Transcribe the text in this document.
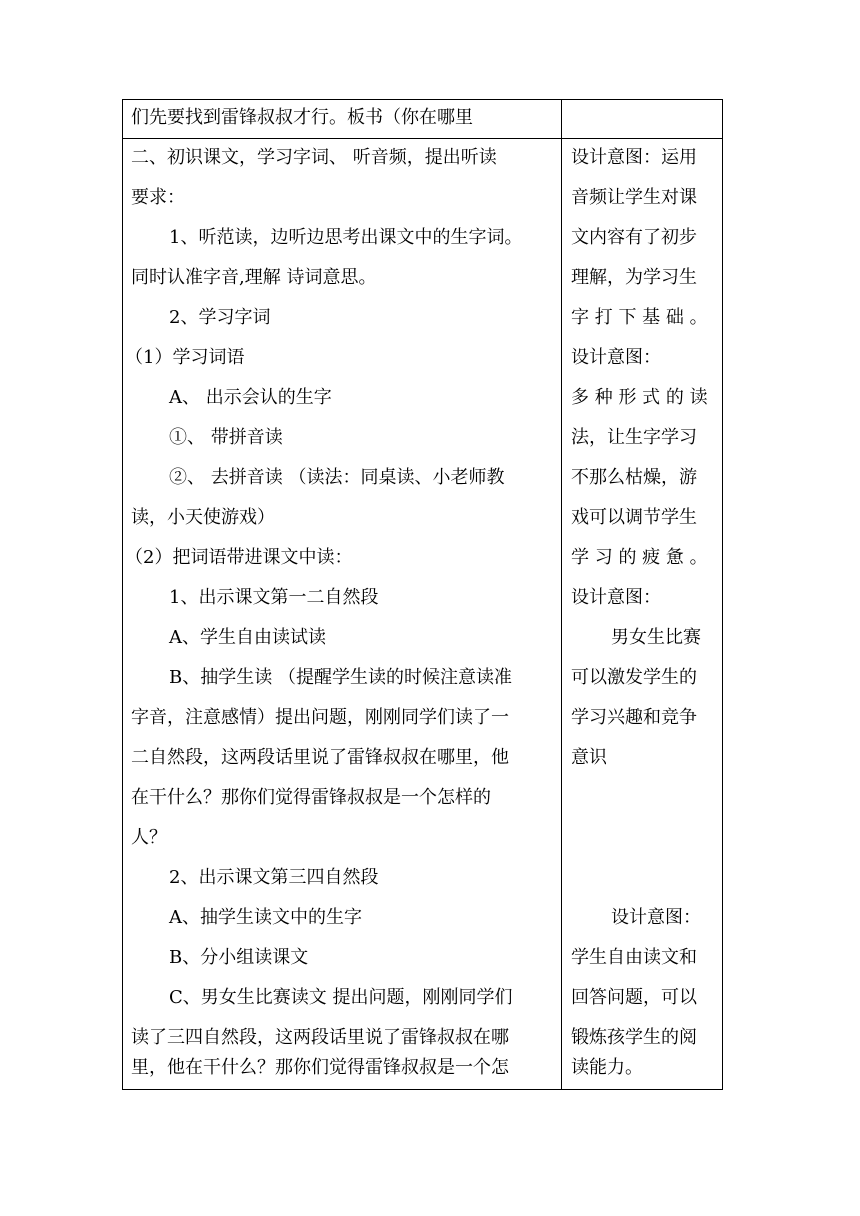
们先要找到雷锋叔叔才行。板书（你在哪里
二、初识课文，学习字词、 听音频，提出听读
要求：
1、听范读，边听边思考出课文中的生字词。
同时认准字音,理解 诗词意思。
2、学习字词
（1）学习词语
A、 出示会认的生字
①、 带拼音读
②、 去拼音读 （读法：同桌读、小老师教
读，小天使游戏）
（2）把词语带进课文中读：
1、出示课文第一二自然段
A、学生自由读试读
B、抽学生读 （提醒学生读的时候注意读准
字音，注意感情）提出问题，刚刚同学们读了一
二自然段，这两段话里说了雷锋叔叔在哪里，他
在干什么？那你们觉得雷锋叔叔是一个怎样的
人？
2、出示课文第三四自然段
A、抽学生读文中的生字
B、分小组读课文
C、男女生比赛读文 提出问题，刚刚同学们
读了三四自然段，这两段话里说了雷锋叔叔在哪
里，他在干什么？那你们觉得雷锋叔叔是一个怎
设计意图：运用
音频让学生对课
文内容有了初步
理解，为学习生
字 打 下 基 础 。
设计意图：
多 种 形 式 的 读
法，让生字学习
不那么枯燥，游
戏可以调节学生
学 习 的 疲 惫 。
设计意图：
男女生比赛
可以激发学生的
学习兴趣和竞争
意识
设计意图：
学生自由读文和
回答问题，可以
锻炼孩学生的阅
读能力。
